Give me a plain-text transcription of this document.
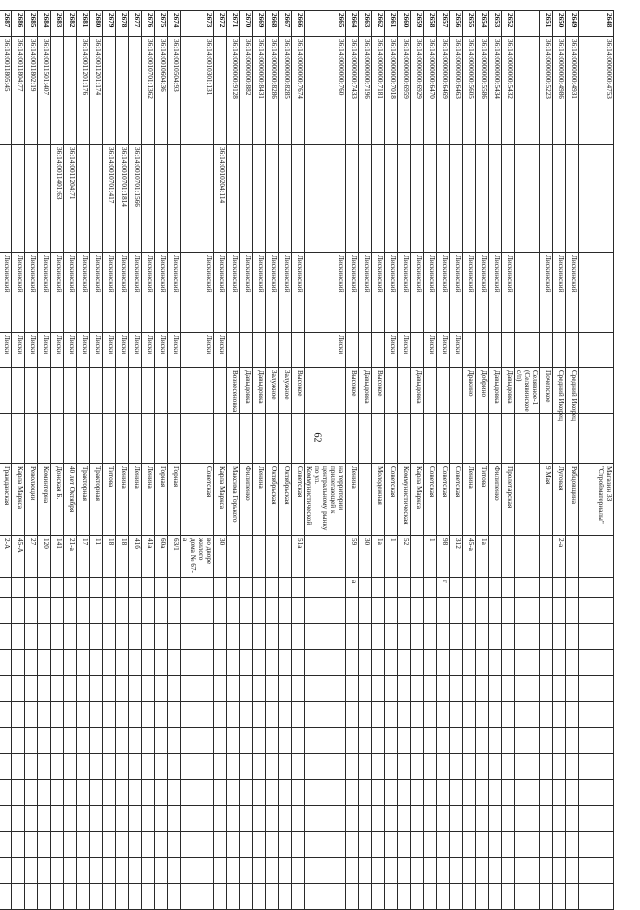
62
2648	36:14:0000000:4753						Магазин 33 "Стройматериалы"														
2649	36:14:0000000:4931		Лискинский		Средний Икорец		Рябцовщина														
2650	36:14:0000000:4986		Лискинский		Средний Икорец		Луговая	2-а													
2651	36:14:0000000:5223		Лискинский		Почепское		9 Мая														
					Селявное-1 (Селявинское с/п)																
2652	36:14:0000000:5432		Лискинский		Давыдовка		Пролетарская														
2653	36:14:0000000:5434		Лискинский		Давыдовка		Филипенко														
2654	36:14:0000000:5586		Лискинский		Добрино		Титова	1а													
2655	36:14:0000000:5605		Лискинский		Дракино		Ленина	45-а													
2656	36:14:0000000:6463		Лискинский	Лиски			Советская	312													
2657	36:14:0000000:6469		Лискинский	Лиски			Советская	98	г												
2658	36:14:0000000:6470		Лискинский	Лиски			Советская	1													
2659	36:14:0000000:6929		Лискинский		Давыдовка		Карла Маркса														
2660	36:14:0000000:6959		Лискинский	Лиски			Коммунистическая	52													
2661	36:14:0000000:7018		Лискинский	Лиски			Советская	1													
2662	36:14:0000000:7181		Лискинский		Высокое		Молодежная	1а													
2663	36:14:0000000:7196		Лискинский		Давыдовка			30													
2664	36:14:0000000:7433		Лискинский		Высокое		Ленина	59	а												
2665	36:14:0000000:760		Лискинский	Лиски			на территории прилегающей к центральному рынку по ул. Коммунистической														
2666	36:14:0000000:7674		Лискинский		Высокое		Советская	51а													
2667	36:14:0000000:8285		Лискинский		Залужное		Октябрьская														
2668	36:14:0000000:8286		Лискинский		Залужное		Октябрьская														
2669	36:14:0000000:8431		Лискинский		Давыдовка		Ленина														
2670	36:14:0000000:882		Лискинский		Давыдовка		Филипенко														
2671	36:14:0000000:9128		Лискинский		Вознесеновка		Максима Горького														
2672		36:14:0010204:114	Лискинский	Лиски			Карла Маркса	30													
2673	36:14:0010301:131		Лискинский	Лиски			Советская	во дворе жилого дома № 67-а													
2674	36:14:0010504:93		Лискинский	Лиски			Горная	63/1													
2675	36:14:0010604:36		Лискинский	Лиски			Горная	60а													
2676	36:14:0010701:1362		Лискинский	Лиски			Ленина	41а													
2677		36:14:0010701:1566	Лискинский	Лиски			Ленина	41б													
2678		36:14:0010701:1814	Лискинский	Лиски			Ленина	18													
2679		36:14:0010701:417	Лискинский	Лиски			Титова	18													
2680	36:14:0011201:174		Лискинский	Лиски			Тракторная	11													
2681	36:14:0011201:176		Лискинский	Лиски			Тракторная	17													
2682		36:14:0011204:71	Лискинский	Лиски			40 лет Октября	21-а													
2683		36:14:0011401:63	Лискинский	Лиски			Донская Б.	141													
2684	36:14:0011501:407		Лискинский	Лиски			Коминтерна	120													
2685	36:14:0011802:19		Лискинский	Лиски			Революции	27													
2686	36:14:0011804:77		Лискинский	Лиски			Карла Маркса	45-А													
2687	36:14:0011805:45		Лискинский	Лиски			Гражданская	2-А													
